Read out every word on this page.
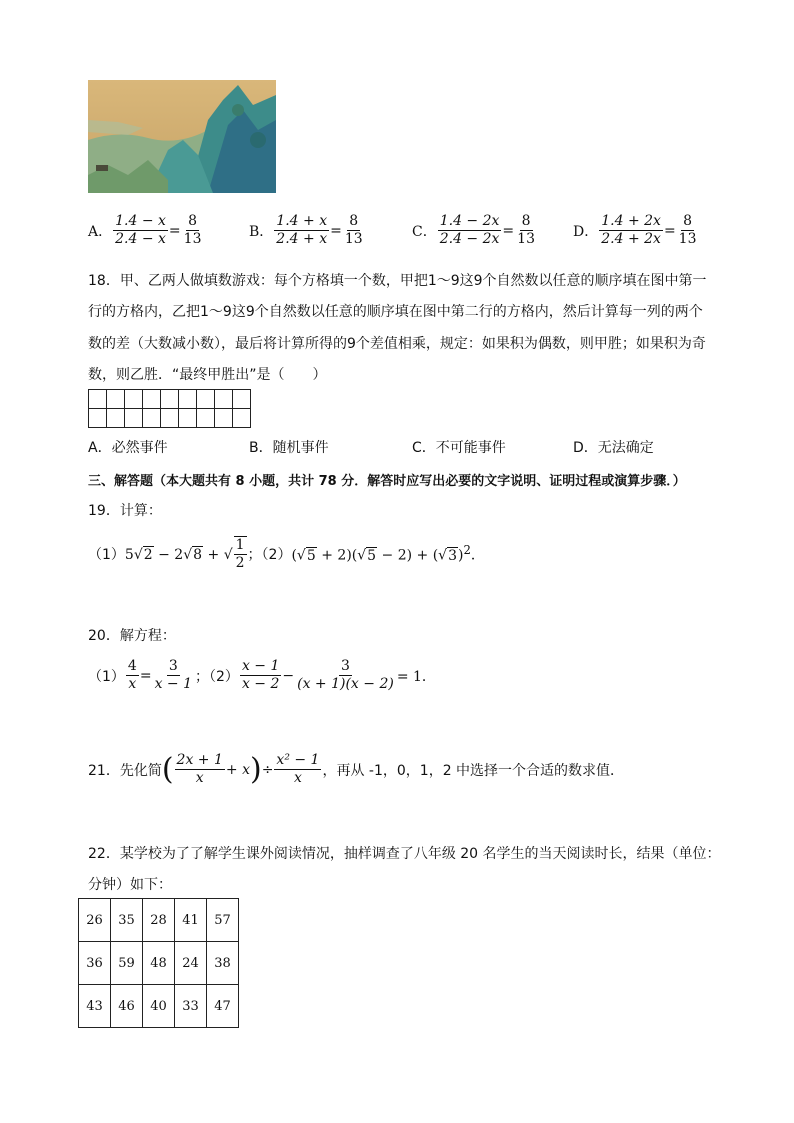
A． $\frac{1.4 - x}{2.4 - x} = \frac{8}{13}$	B． $\frac{1.4 + x}{2.4 + x} = \frac{8}{13}$	C． $\frac{1.4 - 2x}{2.4 - 2x} = \frac{8}{13}$	D． $\frac{1.4 + 2x}{2.4 + 2x} = \frac{8}{13}$
18．甲、乙两人做填数游戏：每个方格填一个数，甲把1～9这9个自然数以任意的顺序填在图中第一
行的方格内，乙把1～9这9个自然数以任意的顺序填在图中第二行的方格内，然后计算每一列的两个
数的差（大数减小数），最后将计算所得的9个差值相乘，规定：如果积为偶数，则甲胜；如果积为奇
数，则乙胜．“最终甲胜出”是（　　）

A．必然事件	B．随机事件	C．不可能事件	D．无法确定
三、解答题（本大题共有 8 小题，共计 78 分．解答时应写出必要的文字说明、证明过程或演算步骤．）
19．计算：
（1） 5√2 − 2√8 + √ $\frac{1}{2}$ ；（2） $(√5 + 2)(√5 - 2) + (√3)^2$．
20．解方程：
$(1) \frac{4}{x} = \frac{3}{x - 1}$ ；$(2) \frac{x - 1}{x - 2} - \frac{3}{(x + 1)(x - 2)} = 1$．
21．先化简 ( $\frac{2x + 1}{x} + x$ ) ÷ $\frac{\text{x² − 1}}{x}$ ，再从 -1，0，1，2 中选择一个合适的数求值．
22．某学校为了了解学生课外阅读情况，抽样调查了八年级 20 名学生的当天阅读时长，结果（单位：
分钟）如下：
26	35	28	41	57
36	59	48	24	38
43	46	40	33	47
